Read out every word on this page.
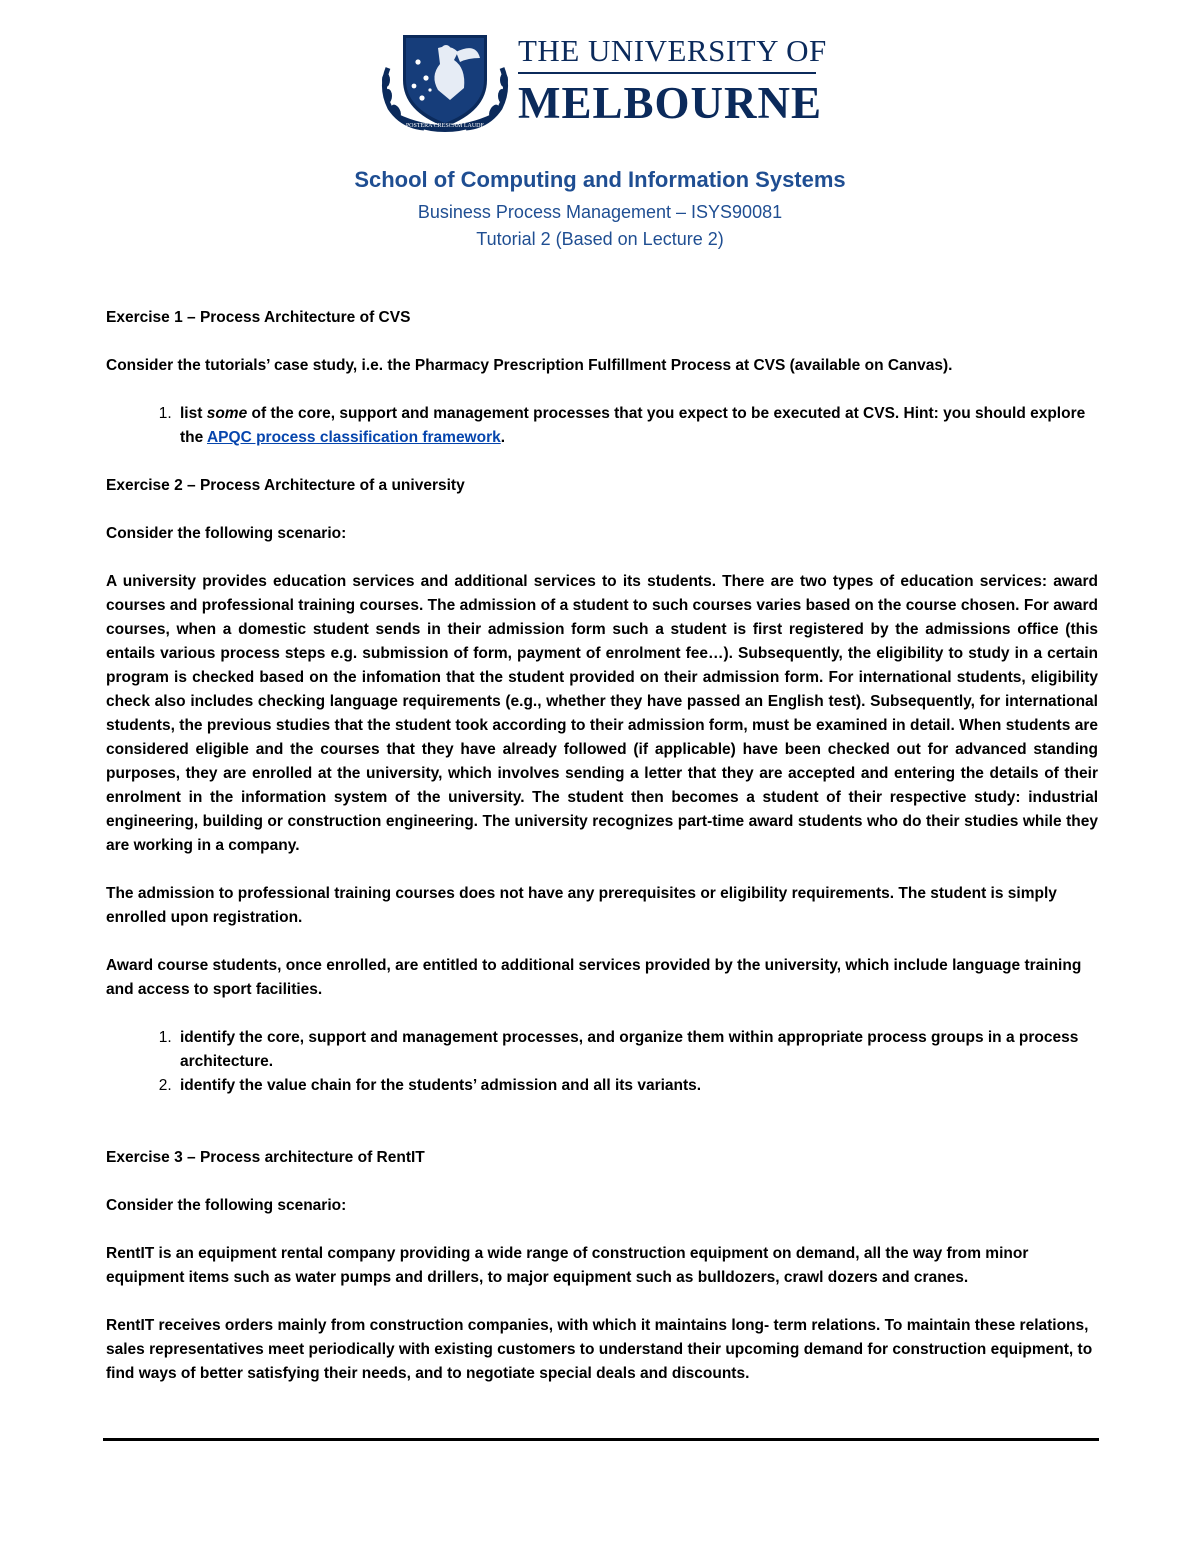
POSTERA CRESCAM LAUDE
THE UNIVERSITY OF
MELBOURNE
School of Computing and Information Systems
Business Process Management – ISYS90081
Tutorial 2 (Based on Lecture 2)

Exercise 1 – Process Architecture of CVS

Consider the tutorials’ case study, i.e. the Pharmacy Prescription Fulfillment Process at CVS (available on Canvas).

1. list some of the core, support and management processes that you expect to be executed at CVS. Hint: you should explore the APQC process classification framework.

Exercise 2 – Process Architecture of a university

Consider the following scenario:

A university provides education services and additional services to its students. There are two types of education services: award courses and professional training courses. The admission of a student to such courses varies based on the course chosen. For award courses, when a domestic student sends in their admission form such a student is first registered by the admissions office (this entails various process steps e.g. submission of form, payment of enrolment fee…). Subsequently, the eligibility to study in a certain program is checked based on the infomation that the student provided on their admission form. For international students, eligibility check also includes checking language requirements (e.g., whether they have passed an English test). Subsequently, for international students, the previous studies that the student took according to their admission form, must be examined in detail. When students are considered eligible and the courses that they have already followed (if applicable) have been checked out for advanced standing purposes, they are enrolled at the university, which involves sending a letter that they are accepted and entering the details of their enrolment in the information system of the university. The student then becomes a student of their respective study: industrial engineering, building or construction engineering. The university recognizes part-time award students who do their studies while they are working in a company.

The admission to professional training courses does not have any prerequisites or eligibility requirements. The student is simply enrolled upon registration.

Award course students, once enrolled, are entitled to additional services provided by the university, which include language training and access to sport facilities.

1. identify the core, support and management processes, and organize them within appropriate process groups in a process architecture.
2. identify the value chain for the students’ admission and all its variants.

Exercise 3 – Process architecture of RentIT

Consider the following scenario:

RentIT is an equipment rental company providing a wide range of construction equipment on demand, all the way from minor equipment items such as water pumps and drillers, to major equipment such as bulldozers, crawl dozers and cranes.

RentIT receives orders mainly from construction companies, with which it maintains long- term relations. To maintain these relations, sales representatives meet periodically with existing customers to understand their upcoming demand for construction equipment, to find ways of better satisfying their needs, and to negotiate special deals and discounts.
